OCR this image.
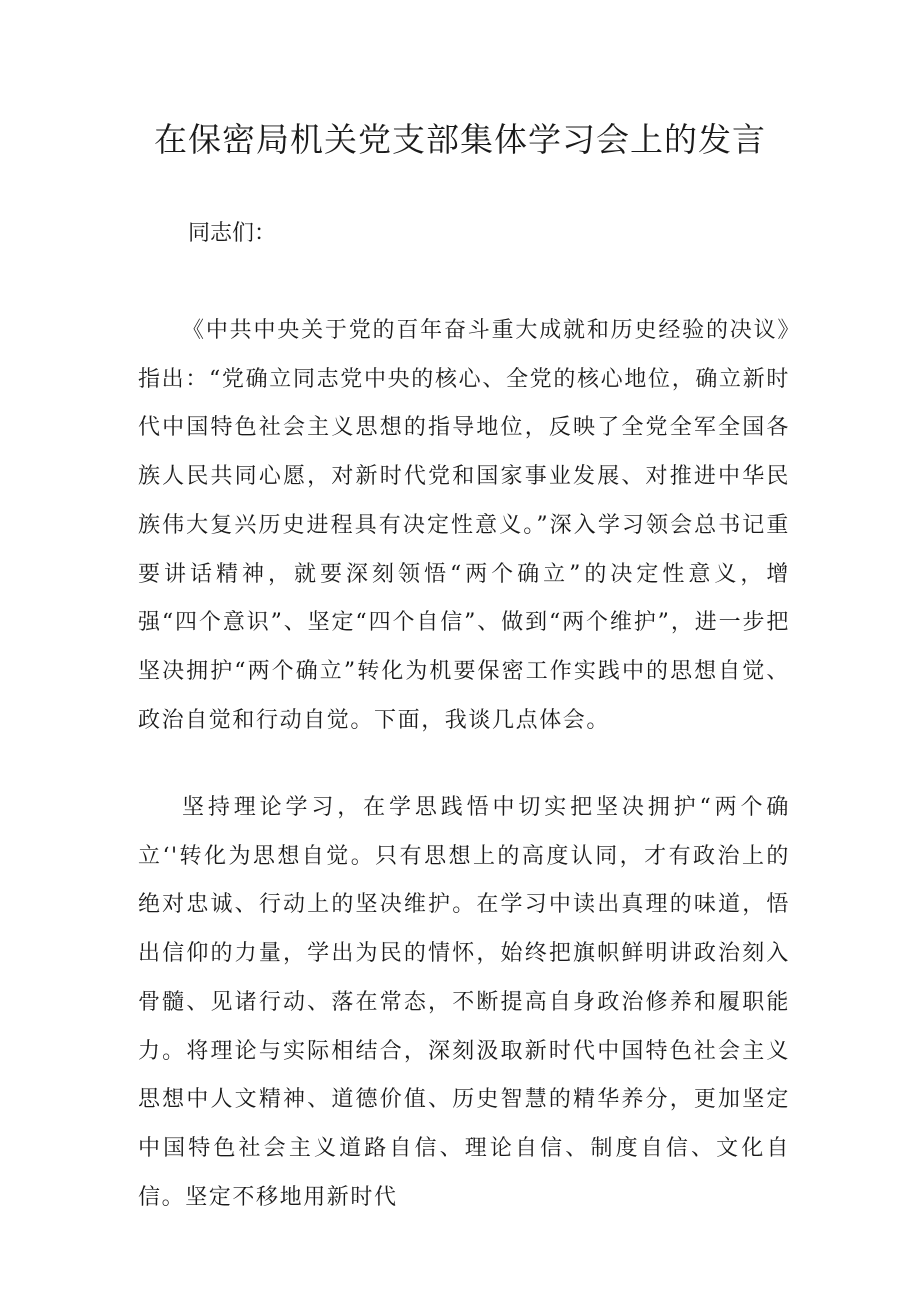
在保密局机关党支部集体学习会上的发言

同志们：

《中共中央关于党的百年奋斗重大成就和历史经验的决议》指出：“党确立同志党中央的核心、全党的核心地位，确立新时代中国特色社会主义思想的指导地位，反映了全党全军全国各族人民共同心愿，对新时代党和国家事业发展、对推进中华民族伟大复兴历史进程具有决定性意义。”深入学习领会总书记重要讲话精神，就要深刻领悟“两个确立”的决定性意义，增强“四个意识”、坚定“四个自信”、做到“两个维护”，进一步把坚决拥护“两个确立”转化为机要保密工作实践中的思想自觉、政治自觉和行动自觉。下面，我谈几点体会。

坚持理论学习，在学思践悟中切实把坚决拥护“两个确立‘'转化为思想自觉。只有思想上的高度认同，才有政治上的绝对忠诚、行动上的坚决维护。在学习中读出真理的味道，悟出信仰的力量，学出为民的情怀，始终把旗帜鲜明讲政治刻入骨髓、见诸行动、落在常态，不断提高自身政治修养和履职能力。将理论与实际相结合，深刻汲取新时代中国特色社会主义思想中人文精神、道德价值、历史智慧的精华养分，更加坚定中国特色社会主义道路自信、理论自信、制度自信、文化自信。坚定不移地用新时代
